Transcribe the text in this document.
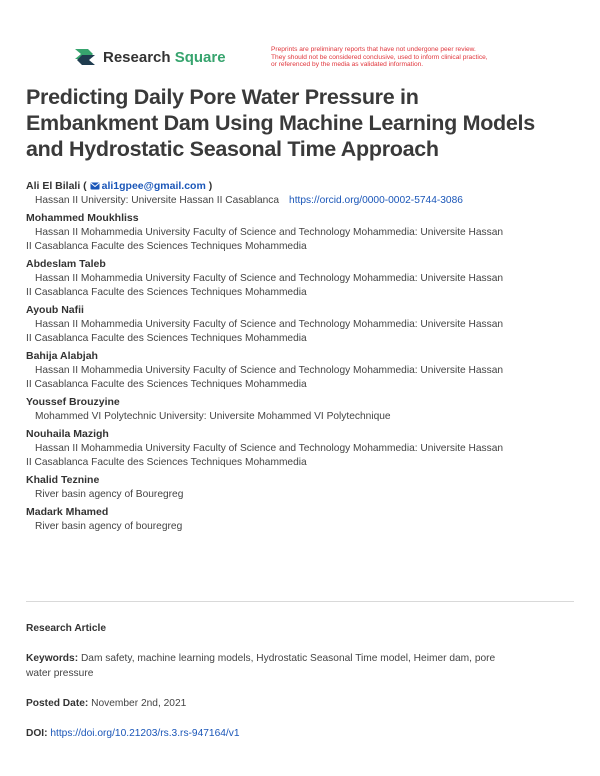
Research Square	Preprints are preliminary reports that have not undergone peer review.
They should not be considered conclusive, used to inform clinical practice,
or referenced by the media as validated information.
Predicting Daily Pore Water Pressure in
Embankment Dam Using Machine Learning Models
and Hydrostatic Seasonal Time Approach
Ali El Bilali ( ali1gpee@gmail.com )
Hassan II University: Universite Hassan II Casablanca https://orcid.org/0000-0002-5744-3086
Mohammed Moukhliss
Hassan II Mohammedia University Faculty of Science and Technology Mohammedia: Universite Hassan
II Casablanca Faculte des Sciences Techniques Mohammedia
Abdeslam Taleb
Hassan II Mohammedia University Faculty of Science and Technology Mohammedia: Universite Hassan
II Casablanca Faculte des Sciences Techniques Mohammedia
Ayoub Nafii
Hassan II Mohammedia University Faculty of Science and Technology Mohammedia: Universite Hassan
II Casablanca Faculte des Sciences Techniques Mohammedia
Bahija Alabjah
Hassan II Mohammedia University Faculty of Science and Technology Mohammedia: Universite Hassan
II Casablanca Faculte des Sciences Techniques Mohammedia
Youssef Brouzyine
Mohammed VI Polytechnic University: Universite Mohammed VI Polytechnique
Nouhaila Mazigh
Hassan II Mohammedia University Faculty of Science and Technology Mohammedia: Universite Hassan
II Casablanca Faculte des Sciences Techniques Mohammedia
Khalid Teznine
River basin agency of Bouregreg
Madark Mhamed
River basin agency of bouregreg
Research Article
Keywords: Dam safety, machine learning models, Hydrostatic Seasonal Time model, Heimer dam, pore
water pressure
Posted Date: November 2nd, 2021
DOI: https://doi.org/10.21203/rs.3.rs-947164/v1
